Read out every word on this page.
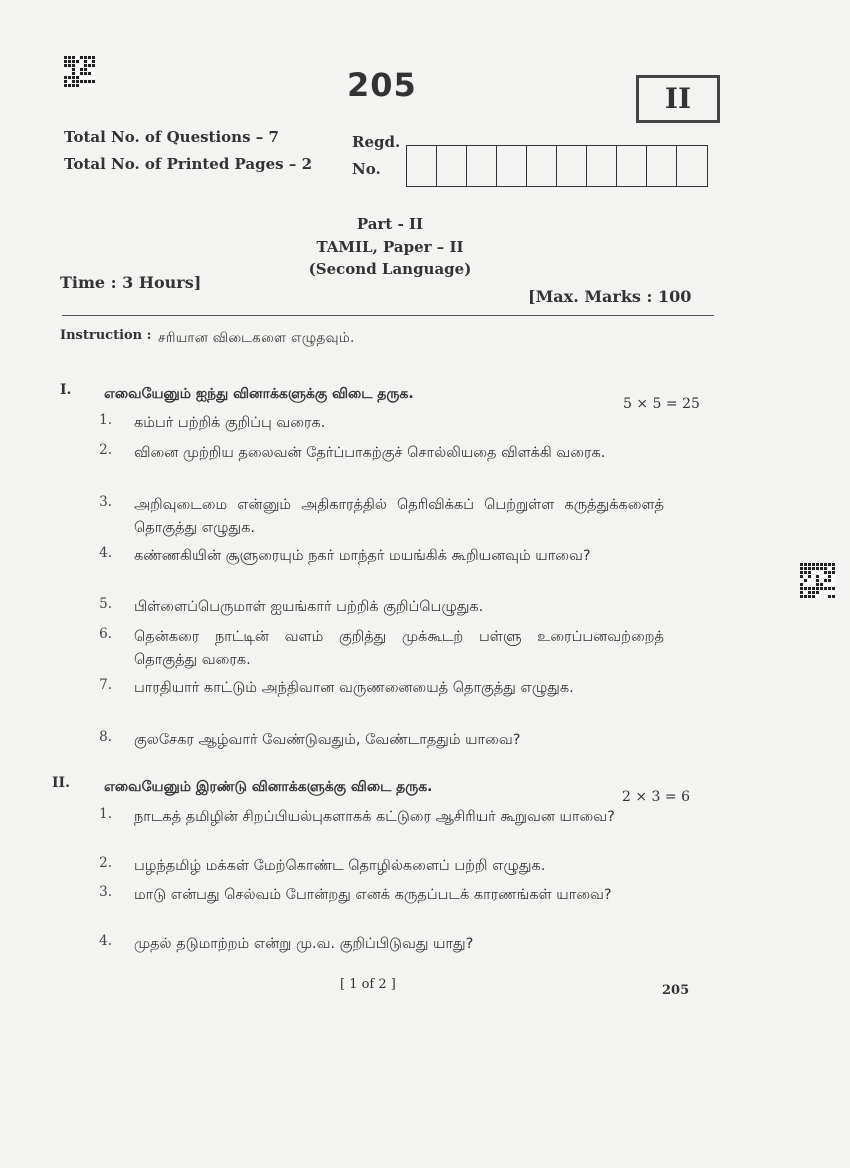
205	II
Total No. of Questions – 7
Total No. of Printed Pages – 2
Regd.
No.
Part - II
TAMIL, Paper – II
(Second Language)
Time : 3 Hours]
[Max. Marks : 100
Instruction : சரியான விடைகளை எழுதவும்.
I. எவையேனும் ஐந்து வினாக்களுக்கு விடை தருக.
5 × 5 = 25
1. கம்பர் பற்றிக் குறிப்பு வரைக.
2. வினை முற்றிய தலைவன் தேர்ப்பாகற்குச் சொல்லியதை விளக்கி வரைக.
3. அறிவுடைமை என்னும் அதிகாரத்தில் தெரிவிக்கப் பெற்றுள்ள கருத்துக்களைத் தொகுத்து எழுதுக.
4. கண்ணகியின் சூளுரையும் நகர் மாந்தர் மயங்கிக் கூறியனவும் யாவை?
5. பிள்ளைப்பெருமாள் ஐயங்கார் பற்றிக் குறிப்பெழுதுக.
6. தென்கரை நாட்டின் வளம் குறித்து முக்கூடற் பள்ளு உரைப்பனவற்றைத் தொகுத்து வரைக.
7. பாரதியார் காட்டும் அந்திவான வருணனையைத் தொகுத்து எழுதுக.
8. குலசேகர ஆழ்வார் வேண்டுவதும், வேண்டாததும் யாவை?
II. எவையேனும் இரண்டு வினாக்களுக்கு விடை தருக.
2 × 3 = 6
1. நாடகத் தமிழின் சிறப்பியல்புகளாகக் கட்டுரை ஆசிரியர் கூறுவன யாவை?
2. பழந்தமிழ் மக்கள் மேற்கொண்ட தொழில்களைப் பற்றி எழுதுக.
3. மாடு என்பது செல்வம் போன்றது எனக் கருதப்படக் காரணங்கள் யாவை?
4. முதல் தடுமாற்றம் என்று மு.வ. குறிப்பிடுவது யாது?
[ 1 of 2 ]	205
